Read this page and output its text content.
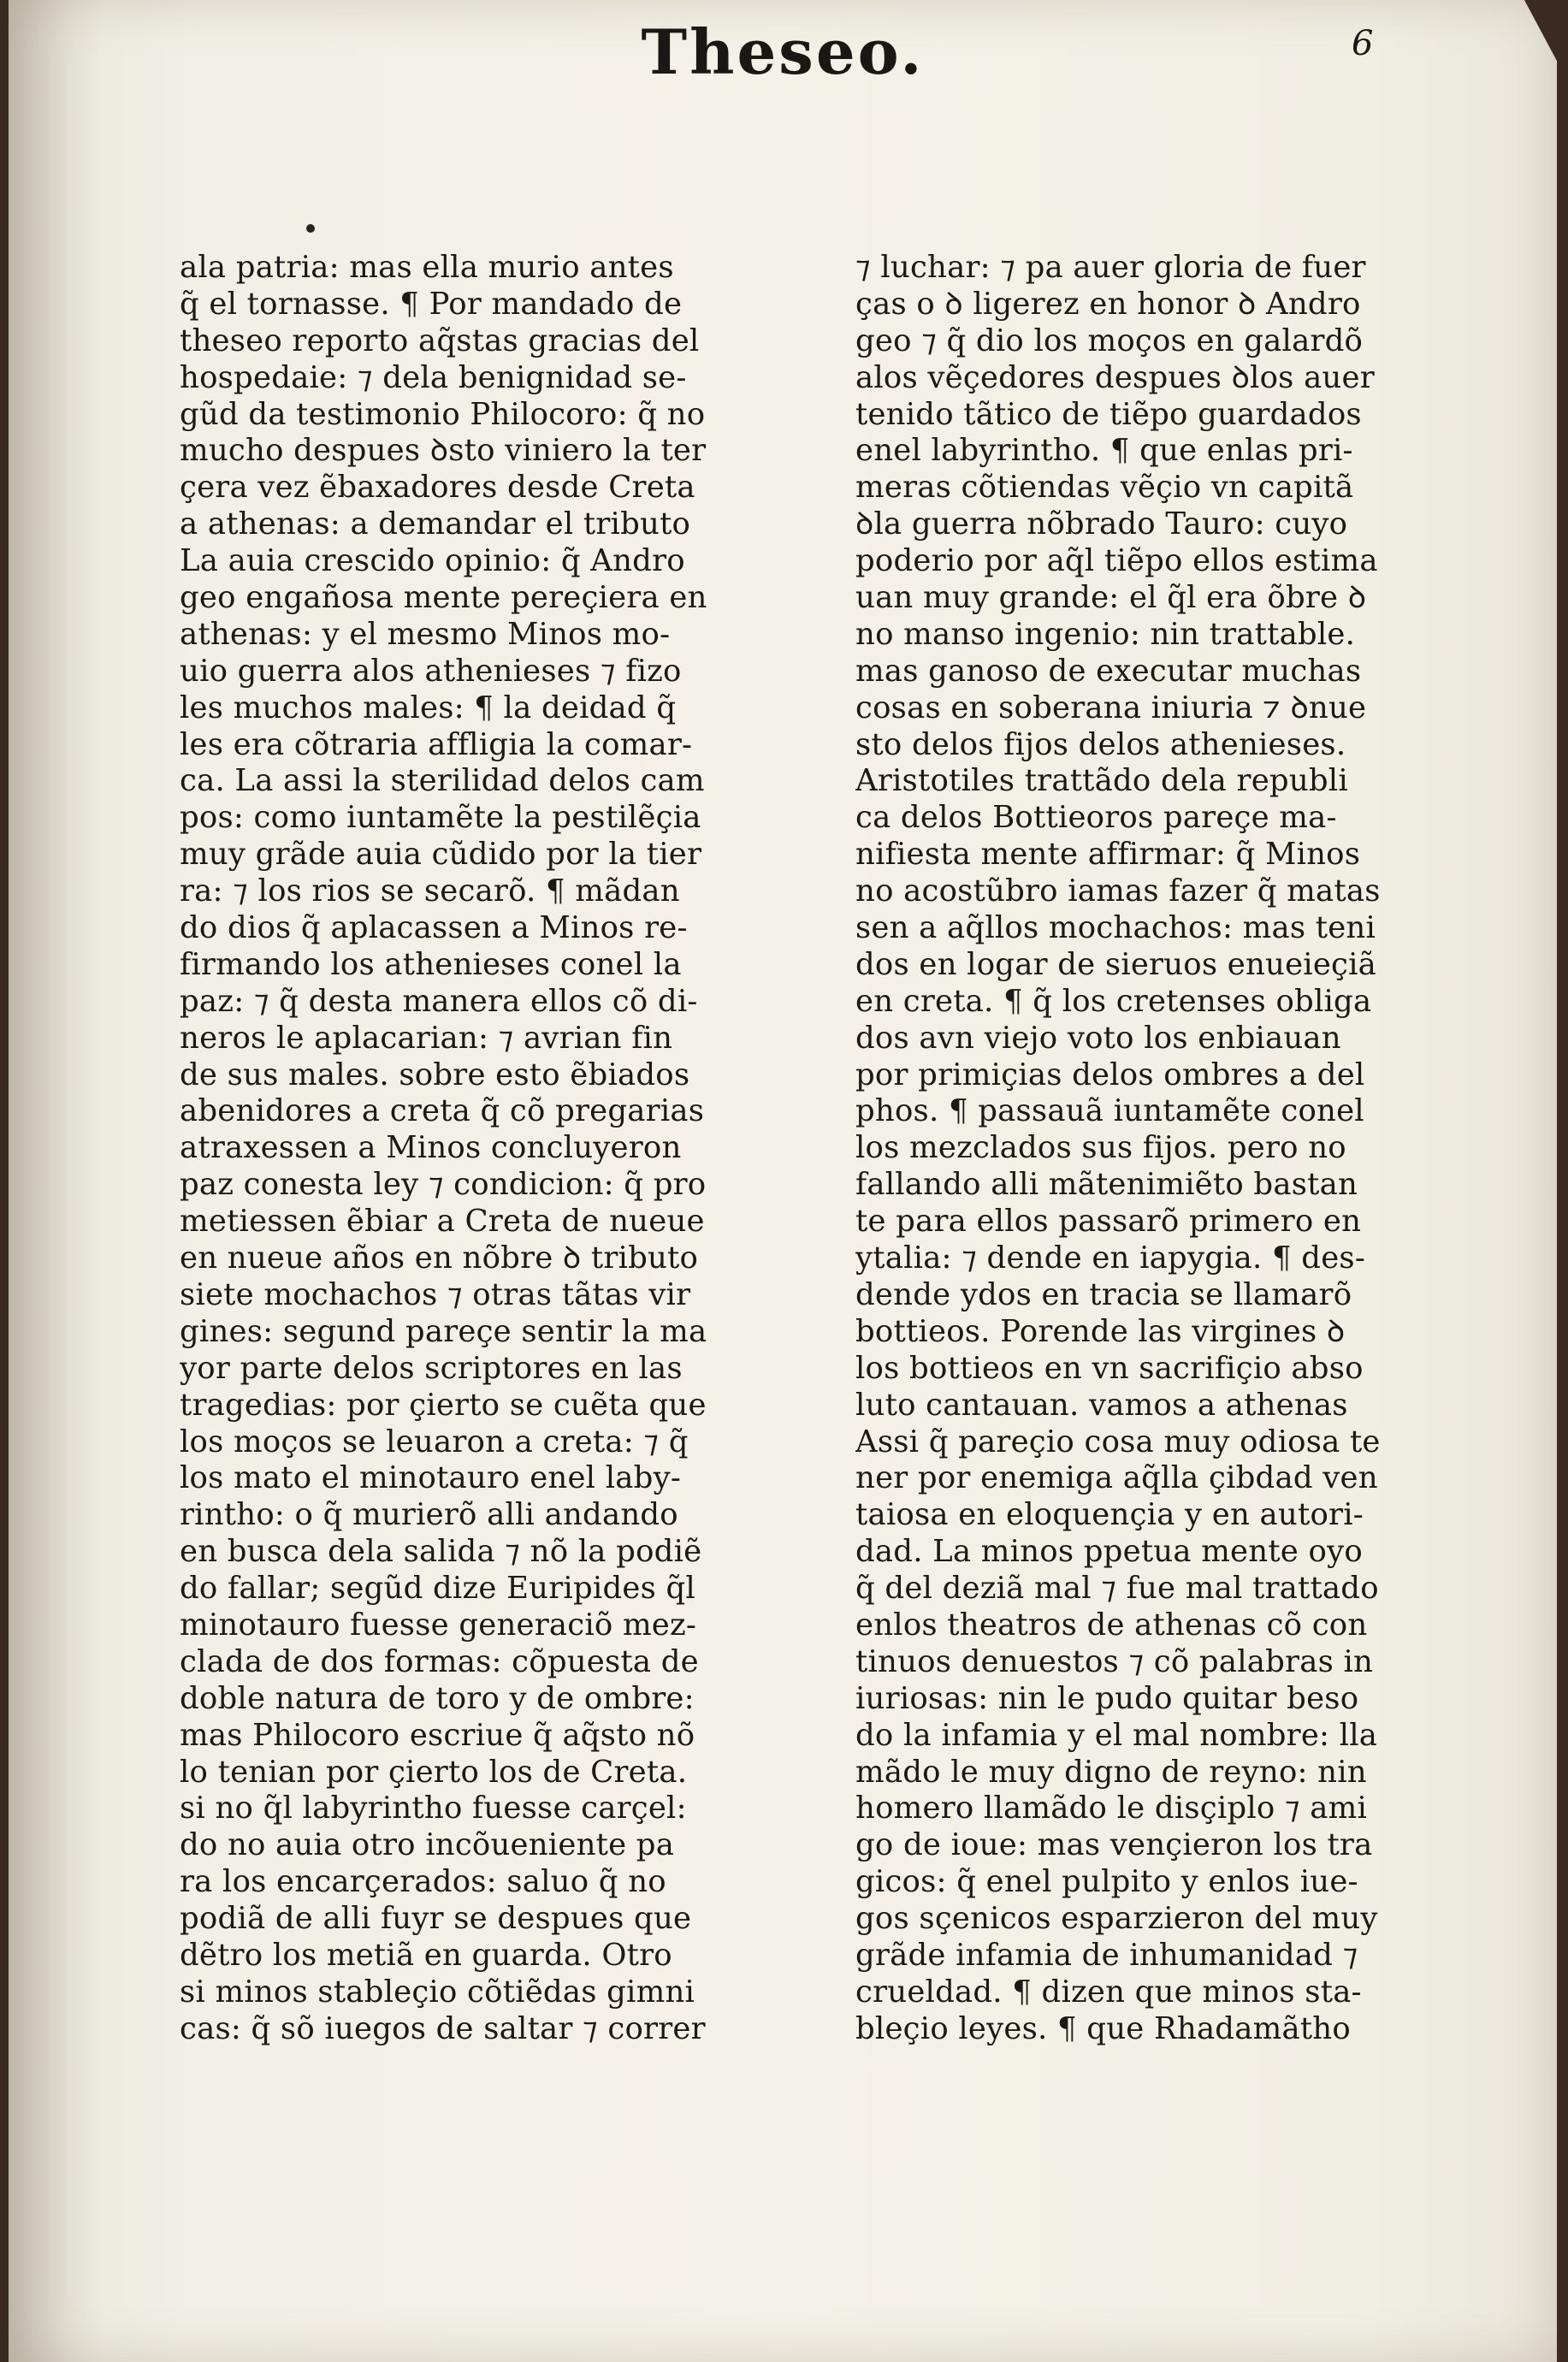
Theseo.	6
ala patria: mas ella murio antes
q̃ el tornasse. ¶ Por mandado de
theseo reporto aq̃stas gracias del
hospedaie: ⁊ dela benignidad se-
gũd da testimonio Philocoro: q̃ no
mucho despues ꝺsto viniero la ter
çera vez ẽbaxadores desde Creta
a athenas: a demandar el tributo
La auia crescido opinio: q̃ Andro
geo engañosa mente pereçiera en
athenas: y el mesmo Minos mo-
uio guerra alos athenieses ⁊ fizo
les muchos males: ¶ la deidad q̃
les era cõtraria affligia la comar-
ca. La assi la sterilidad delos cam
pos: como iuntamẽte la pestilẽçia
muy grãde auia cũdido por la tier
ra: ⁊ los rios se secarõ. ¶ mãdan
do dios q̃ aplacassen a Minos re-
firmando los athenieses conel la
paz: ⁊ q̃ desta manera ellos cõ di-
neros le aplacarian: ⁊ avrian fin
de sus males. sobre esto ẽbiados
abenidores a creta q̃ cõ pregarias
atraxessen a Minos concluyeron
paz conesta ley ⁊ condicion: q̃ pro
metiessen ẽbiar a Creta de nueue
en nueue años en nõbre ꝺ tributo
siete mochachos ⁊ otras tãtas vir
gines: segund pareçe sentir la ma
yor parte delos scriptores en las
tragedias: por çierto se cuẽta que
los moços se leuaron a creta: ⁊ q̃
los mato el minotauro enel laby-
rintho: o q̃ murierõ alli andando
en busca dela salida ⁊ nõ la podiẽ
do fallar; segũd dize Euripides q̃l
minotauro fuesse generaciõ mez-
clada de dos formas: cõpuesta de
doble natura de toro y de ombre:
mas Philocoro escriue q̃ aq̃sto nõ
lo tenian por çierto los de Creta.
si no q̃l labyrintho fuesse carçel:
do no auia otro incõueniente pa
ra los encarçerados: saluo q̃ no
podiã de alli fuyr se despues que
dẽtro los metiã en guarda. Otro
si minos stableçio cõtiẽdas gimni
cas: q̃ sõ iuegos de saltar ⁊ correr
⁊ luchar: ⁊ pa auer gloria de fuer
ças o ꝺ ligerez en honor ꝺ Andro
geo ⁊ q̃ dio los moços en galardõ
alos vẽçedores despues ꝺlos auer
tenido tãtico de tiẽpo guardados
enel labyrintho. ¶ que enlas pri-
meras cõtiendas vẽçio vn capitã
ꝺla guerra nõbrado Tauro: cuyo
poderio por aq̃l tiẽpo ellos estima
uan muy grande: el q̃l era õbre ꝺ
no manso ingenio: nin trattable.
mas ganoso de executar muchas
cosas en soberana iniuria ⁊ ꝺnue
sto delos fijos delos athenieses.
Aristotiles trattãdo dela republi
ca delos Bottieoros pareçe ma-
nifiesta mente affirmar: q̃ Minos
no acostũbro iamas fazer q̃ matas
sen a aq̃llos mochachos: mas teni
dos en logar de sieruos enueieçiã
en creta. ¶ q̃ los cretenses obliga
dos avn viejo voto los enbiauan
por primiçias delos ombres a del
phos. ¶ passauã iuntamẽte conel
los mezclados sus fijos. pero no
fallando alli mãtenimiẽto bastan
te para ellos passarõ primero en
ytalia: ⁊ dende en iapygia. ¶ des-
dende ydos en tracia se llamarõ
bottieos. Porende las virgines ꝺ
los bottieos en vn sacrifiçio abso
luto cantauan. vamos a athenas
Assi q̃ pareçio cosa muy odiosa te
ner por enemiga aq̃lla çibdad ven
taiosa en eloquençia y en autori-
dad. La minos ppetua mente oyo
q̃ del deziã mal ⁊ fue mal trattado
enlos theatros de athenas cõ con
tinuos denuestos ⁊ cõ palabras in
iuriosas: nin le pudo quitar beso
do la infamia y el mal nombre: lla
mãdo le muy digno de reyno: nin
homero llamãdo le disçiplo ⁊ ami
go de ioue: mas vençieron los tra
gicos: q̃ enel pulpito y enlos iue-
gos sçenicos esparzieron del muy
grãde infamia de inhumanidad ⁊
crueldad. ¶ dizen que minos sta-
bleçio leyes. ¶ que Rhadamãtho
